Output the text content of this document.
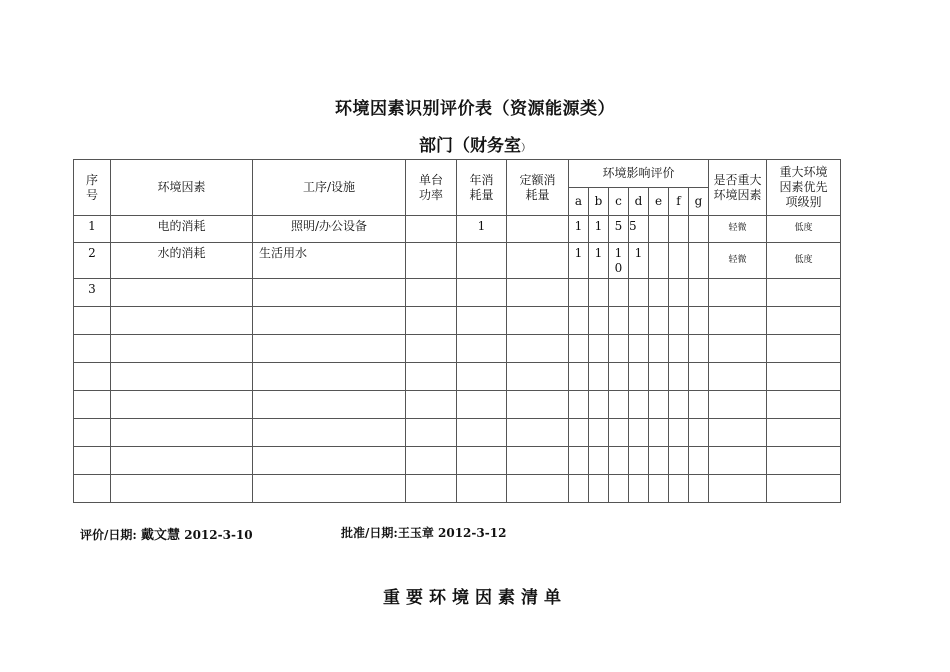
环境因素识别评价表（资源能源类）
部门（财务室）
序号	环境因素	工序/设施	单台功率	年消耗量	定额消耗量	环境影响评价							是否重大环境因素	重大环境因素优先项级别
						a	b	c	d	e	f	g		
1	电的消耗	照明/办公设备		1		1	1	5	5				轻微	低度
2	水的消耗	生活用水				1	1	10	1				轻微	低度
3														

评价/日期: 戴文慧 2012-3-10	批准/日期:王玉章 2012-3-12
重要环境因素清单
